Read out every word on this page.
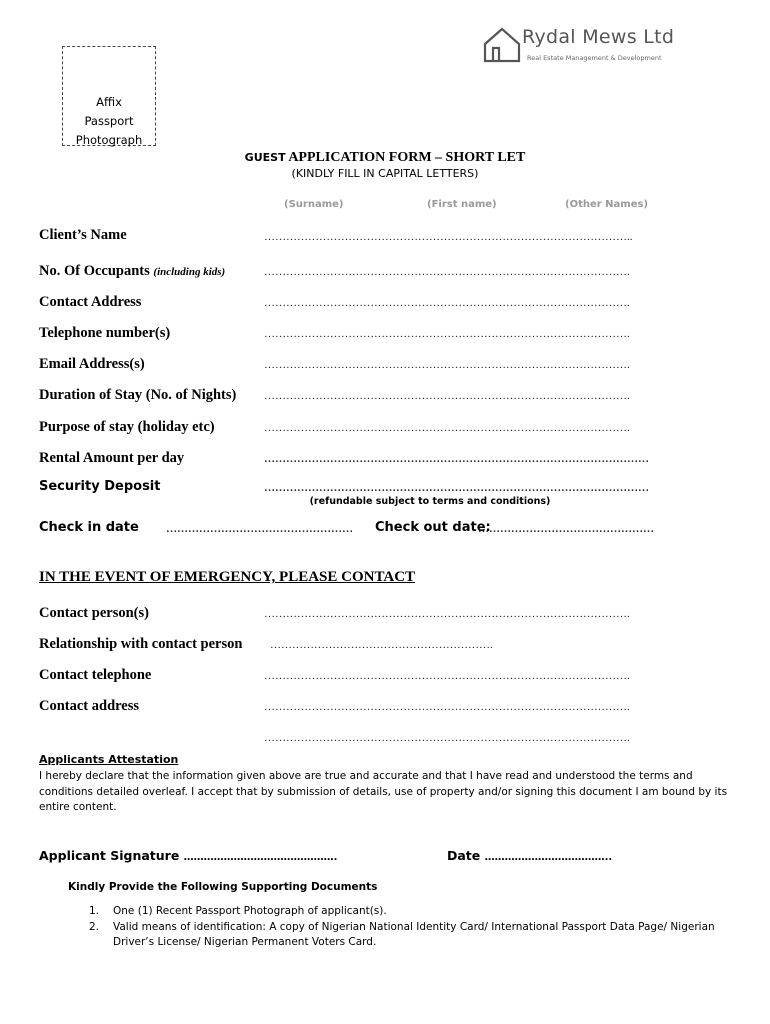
Affix
Passport
Photograph
Rydal Mews Ltd
Real Estate Management & Development
GUEST APPLICATION FORM – SHORT LET
(KINDLY FILL IN CAPITAL LETTERS)
(Surname)	(First name)	(Other Names)
Client’s Name	………………………………………………………………………………………..
No. Of Occupants (including kids)	……………………………………………………………………………………….
Contact Address	……………………………………………………………………………………….
Telephone number(s)	……………………………………………………………………………………….
Email Address(s)	……………………………………………………………………………………….
Duration of Stay (No. of Nights)	……………………………………………………………………………………….
Purpose of stay (holiday etc)	……………………………………………………………………………………….
Rental Amount per day	……………………………………………………………………………………………
Security Deposit	……………………………………………………………………………………………
(refundable subject to terms and conditions)
Check in date …………………………………………… Check out date:
…………………………………………
IN THE EVENT OF EMERGENCY, PLEASE CONTACT
Contact person(s)	……………………………………………………………………………………….
Relationship with contact person	…………………………………………………….
Contact telephone	……………………………………………………………………………………….
Contact address	……………………………………………………………………………………….
……………………………………………………………………………………….
Applicants Attestation
I hereby declare that the information given above are true and accurate and that I have read and understood the terms and conditions detailed overleaf. I accept that by submission of details, use of property and/or signing this document I am bound by its entire content.
Applicant Signature ……………………………………….	Date ………………………………..
Kindly Provide the Following Supporting Documents
1. One (1) Recent Passport Photograph of applicant(s).
2. Valid means of identification: A copy of Nigerian National Identity Card/ International Passport Data Page/ Nigerian Driver’s License/ Nigerian Permanent Voters Card.
